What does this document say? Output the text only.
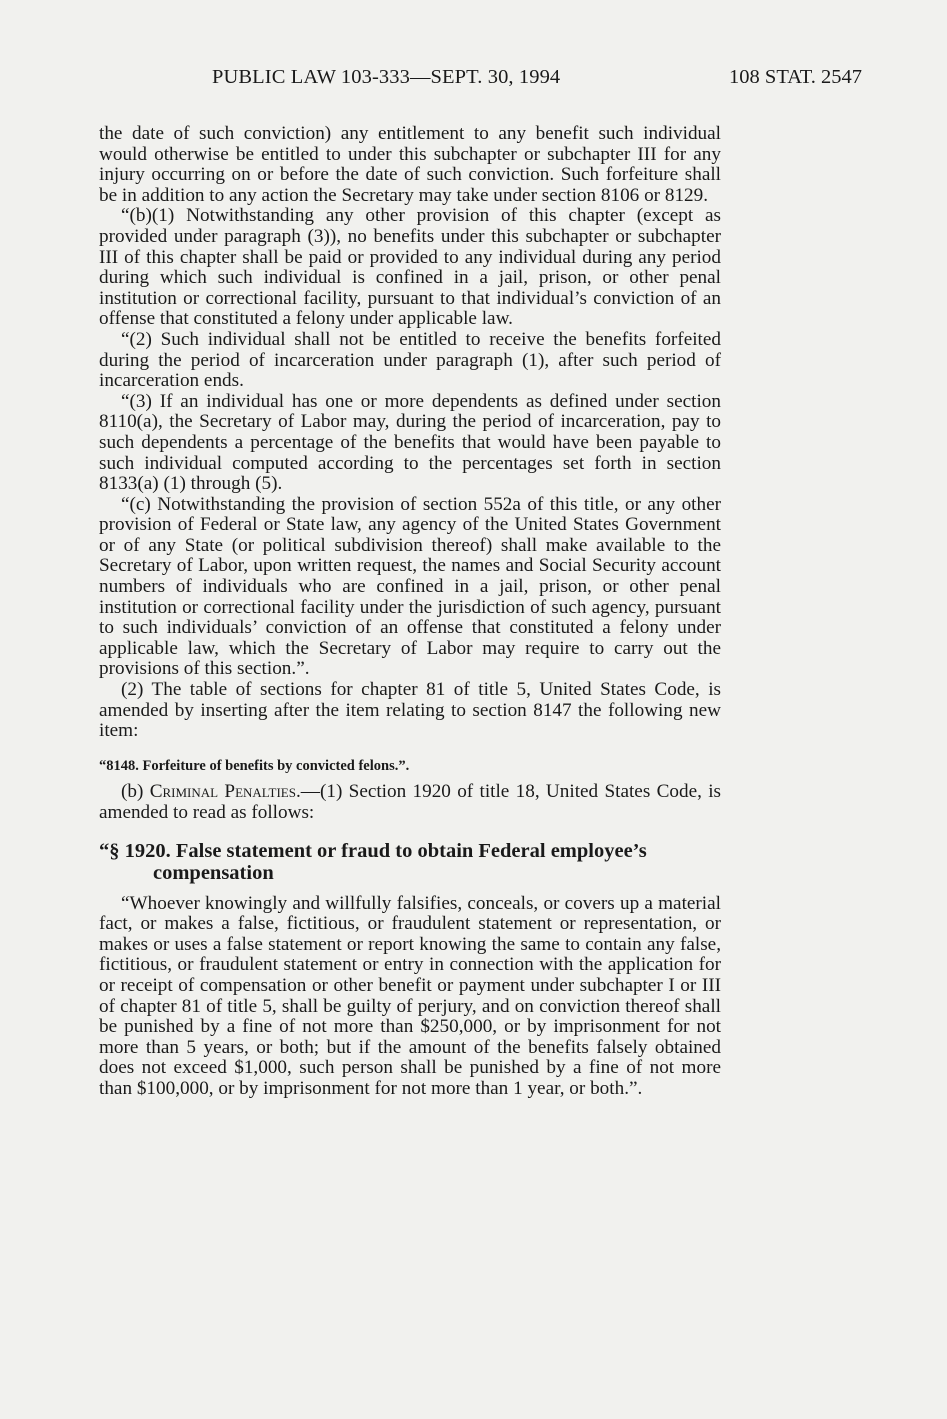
PUBLIC LAW 103-333—SEPT. 30, 1994	108 STAT. 2547

the date of such conviction) any entitlement to any benefit such individual would otherwise be entitled to under this subchapter or subchapter III for any injury occurring on or before the date of such conviction. Such forfeiture shall be in addition to any action the Secretary may take under section 8106 or 8129.

“(b)(1) Notwithstanding any other provision of this chapter (except as provided under paragraph (3)), no benefits under this subchapter or subchapter III of this chapter shall be paid or provided to any individual during any period during which such individual is confined in a jail, prison, or other penal institution or correctional facility, pursuant to that individual’s conviction of an offense that constituted a felony under applicable law.

“(2) Such individual shall not be entitled to receive the benefits forfeited during the period of incarceration under paragraph (1), after such period of incarceration ends.

“(3) If an individual has one or more dependents as defined under section 8110(a), the Secretary of Labor may, during the period of incarceration, pay to such dependents a percentage of the benefits that would have been payable to such individual computed according to the percentages set forth in section 8133(a) (1) through (5).

“(c) Notwithstanding the provision of section 552a of this title, or any other provision of Federal or State law, any agency of the United States Government or of any State (or political subdivision thereof) shall make available to the Secretary of Labor, upon written request, the names and Social Security account numbers of individuals who are confined in a jail, prison, or other penal institution or correctional facility under the jurisdiction of such agency, pursuant to such individuals’ conviction of an offense that constituted a felony under applicable law, which the Secretary of Labor may require to carry out the provisions of this section.”.

(2) The table of sections for chapter 81 of title 5, United States Code, is amended by inserting after the item relating to section 8147 the following new item:

“8148. Forfeiture of benefits by convicted felons.”.

(b) Criminal Penalties.—(1) Section 1920 of title 18, United States Code, is amended to read as follows:

“§ 1920. False statement or fraud to obtain Federal employee’s compensation

“Whoever knowingly and willfully falsifies, conceals, or covers up a material fact, or makes a false, fictitious, or fraudulent statement or representation, or makes or uses a false statement or report knowing the same to contain any false, fictitious, or fraudulent statement or entry in connection with the application for or receipt of compensation or other benefit or payment under subchapter I or III of chapter 81 of title 5, shall be guilty of perjury, and on conviction thereof shall be punished by a fine of not more than $250,000, or by imprisonment for not more than 5 years, or both; but if the amount of the benefits falsely obtained does not exceed $1,000, such person shall be punished by a fine of not more than $100,000, or by imprisonment for not more than 1 year, or both.”.
